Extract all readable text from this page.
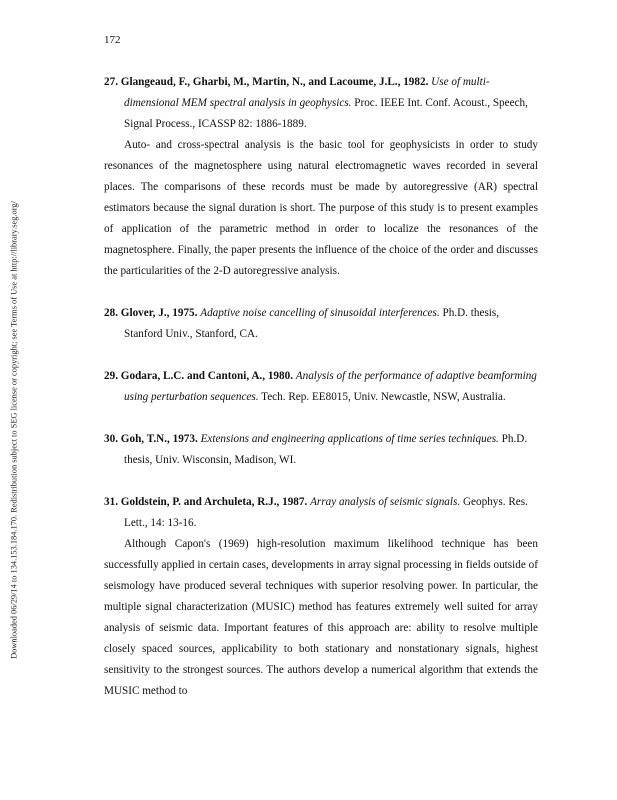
172
Downloaded 06/29/14 to 134.153.184.170. Redistribution subject to SEG license or copyright; see Terms of Use at http://library.seg.org/

27. Glangeaud, F., Gharbi, M., Martin, N., and Lacoume, J.L., 1982. Use of multi-dimensional MEM spectral analysis in geophysics. Proc. IEEE Int. Conf. Acoust., Speech, Signal Process., ICASSP 82: 1886-1889.

Auto- and cross-spectral analysis is the basic tool for geophysicists in order to study resonances of the magnetosphere using natural electromagnetic waves recorded in several places. The comparisons of these records must be made by autoregressive (AR) spectral estimators because the signal duration is short. The purpose of this study is to present examples of application of the parametric method in order to localize the resonances of the magnetosphere. Finally, the paper presents the influence of the choice of the order and discusses the particularities of the 2-D autoregressive analysis.

28. Glover, J., 1975. Adaptive noise cancelling of sinusoidal interferences. Ph.D. thesis, Stanford Univ., Stanford, CA.

29. Godara, L.C. and Cantoni, A., 1980. Analysis of the performance of adaptive beamforming using perturbation sequences. Tech. Rep. EE8015, Univ. Newcastle, NSW, Australia.

30. Goh, T.N., 1973. Extensions and engineering applications of time series techniques. Ph.D. thesis, Univ. Wisconsin, Madison, WI.

31. Goldstein, P. and Archuleta, R.J., 1987. Array analysis of seismic signals. Geophys. Res. Lett., 14: 13-16.

Although Capon's (1969) high-resolution maximum likelihood technique has been successfully applied in certain cases, developments in array signal processing in fields outside of seismology have produced several techniques with superior resolving power. In particular, the multiple signal characterization (MUSIC) method has features extremely well suited for array analysis of seismic data. Important features of this approach are: ability to resolve multiple closely spaced sources, applicability to both stationary and nonstationary signals, highest sensitivity to the strongest sources. The authors develop a numerical algorithm that extends the MUSIC method to
